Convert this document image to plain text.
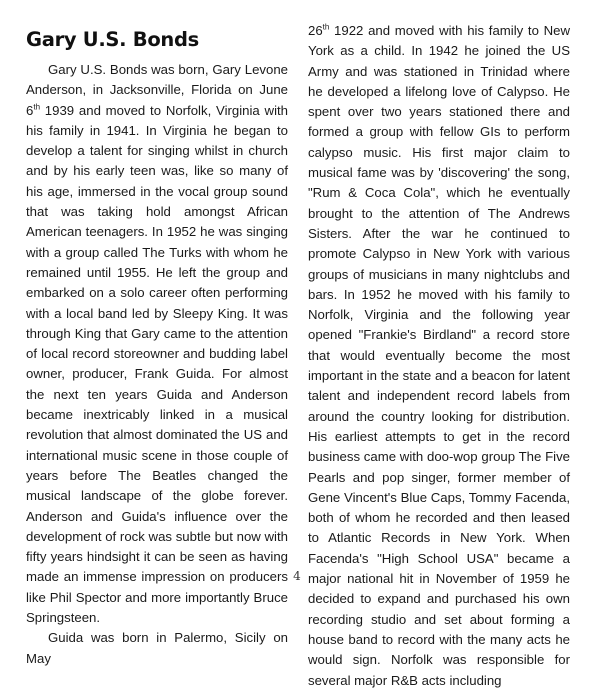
Gary U.S. Bonds

Gary U.S. Bonds was born, Gary Levone Anderson, in Jacksonville, Florida on June 6th 1939 and moved to Norfolk, Virginia with his family in 1941. In Virginia he began to develop a talent for singing whilst in church and by his early teen was, like so many of his age, immersed in the vocal group sound that was taking hold amongst African American teenagers. In 1952 he was singing with a group called The Turks with whom he remained until 1955. He left the group and embarked on a solo career often performing with a local band led by Sleepy King. It was through King that Gary came to the attention of local record storeowner and budding label owner, producer, Frank Guida. For almost the next ten years Guida and Anderson became inextricably linked in a musical revolution that almost dominated the US and international music scene in those couple of years before The Beatles changed the musical landscape of the globe forever. Anderson and Guida's influence over the development of rock was subtle but now with fifty years hindsight it can be seen as having made an immense impression on producers like Phil Spector and more importantly Bruce Springsteen.

Guida was born in Palermo, Sicily on May

26th 1922 and moved with his family to New York as a child. In 1942 he joined the US Army and was stationed in Trinidad where he developed a lifelong love of Calypso. He spent over two years stationed there and formed a group with fellow GIs to perform calypso music. His first major claim to musical fame was by 'discovering' the song, "Rum & Coca Cola", which he eventually brought to the attention of The Andrews Sisters. After the war he continued to promote Calypso in New York with various groups of musicians in many nightclubs and bars. In 1952 he moved with his family to Norfolk, Virginia and the following year opened "Frankie's Birdland" a record store that would eventually become the most important in the state and a beacon for latent talent and independent record labels from around the country looking for distribution. His earliest attempts to get in the record business came with doo-wop group The Five Pearls and pop singer, former member of Gene Vincent's Blue Caps, Tommy Facenda, both of whom he recorded and then leased to Atlantic Records in New York. When Facenda's "High School USA" became a major national hit in November of 1959 he decided to expand and purchased his own recording studio and set about forming a house band to record with the many acts he would sign. Norfolk was responsible for several major R&B acts including

4
